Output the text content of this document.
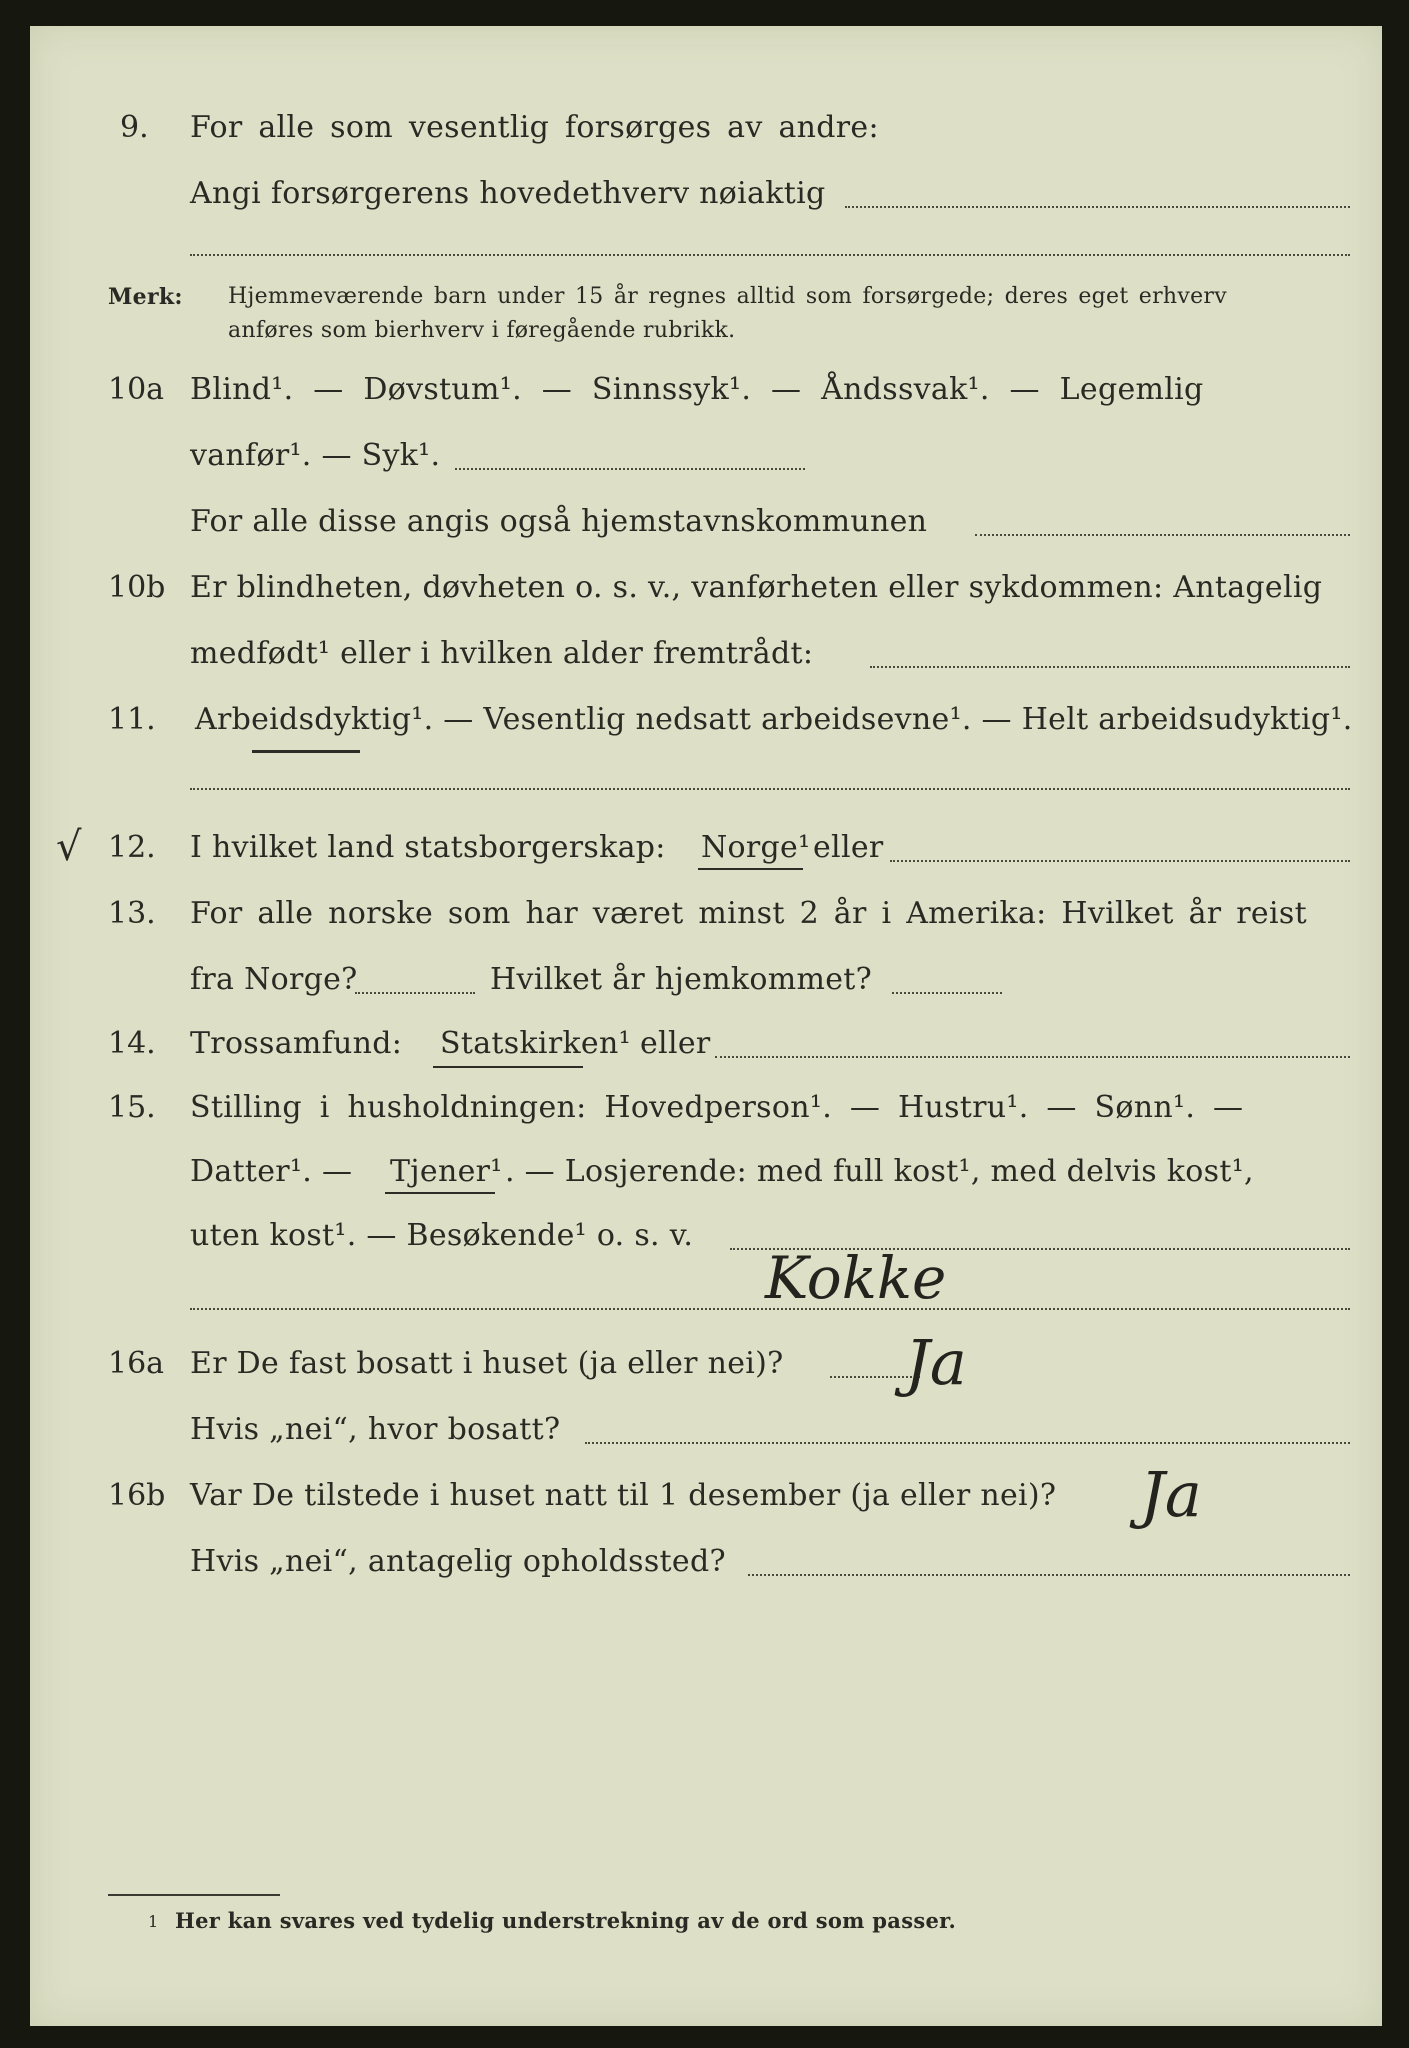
9. For alle som vesentlig forsørges av andre:
Angi forsørgerens hovedethverv nøiaktig
Merk: Hjemmeværende barn under 15 år regnes alltid som forsørgede; deres eget erhverv
anføres som bierhverv i føregående rubrikk.
10a Blind¹. — Døvstum¹. — Sinnssyk¹. — Åndssvak¹. — Legemlig
vanfør¹. — Syk¹.
For alle disse angis også hjemstavnskommunen
10b Er blindheten, døvheten o. s. v., vanførheten eller sykdommen: Antagelig
medfødt¹ eller i hvilken alder fremtrådt:
11. Arbeidsdyktig¹. — Vesentlig nedsatt arbeidsevne¹. — Helt arbeidsudyktig¹.
√ 12. I hvilket land statsborgerskap: Norge¹ eller
13. For alle norske som har været minst 2 år i Amerika: Hvilket år reist
fra Norge?	Hvilket år hjemkommet?
14. Trossamfund: Statskirken¹ eller
15. Stilling i husholdningen: Hovedperson¹. — Hustru¹. — Sønn¹. —
Datter¹. — Tjener¹ . — Losjerende: med full kost¹, med delvis kost¹,
uten kost¹. — Besøkende¹ o. s. v.
Kokke
16a Er De fast bosatt i huset (ja eller nei)? Ja
Hvis „nei“, hvor bosatt?
16b Var De tilstede i huset natt til 1 desember (ja eller nei)? Ja
Hvis „nei“, antagelig opholdssted?
1 Her kan svares ved tydelig understrekning av de ord som passer.
